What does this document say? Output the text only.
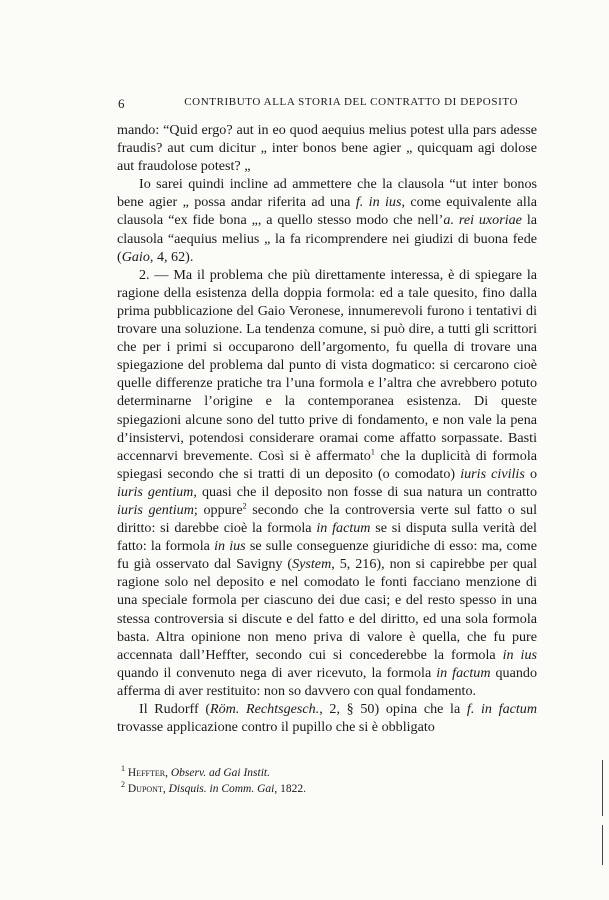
6	CONTRIBUTO ALLA STORIA DEL CONTRATTO DI DEPOSITO

mando: “Quid ergo? aut in eo quod aequius melius potest ulla pars adesse fraudis? aut cum dicitur „ inter bonos bene agier „ quicquam agi dolose aut fraudolose potest? „

Io sarei quindi incline ad ammettere che la clausola “ut inter bonos bene agier „ possa andar riferita ad una f. in ius, come equivalente alla clausola “ex fide bona „, a quello stesso modo che nell’a. rei uxoriae la clausola “aequius melius „ la fa ricomprendere nei giudizi di buona fede (Gaio, 4, 62).

2. — Ma il problema che più direttamente interessa, è di spiegare la ragione della esistenza della doppia formola: ed a tale quesito, fino dalla prima pubblicazione del Gaio Veronese, innumerevoli furono i tentativi di trovare una soluzione. La tendenza comune, si può dire, a tutti gli scrittori che per i primi si occuparono dell’argomento, fu quella di trovare una spiegazione del problema dal punto di vista dogmatico: si cercarono cioè quelle differenze pratiche tra l’una formola e l’altra che avrebbero potuto determinarne l’origine e la contemporanea esistenza. Di queste spiegazioni alcune sono del tutto prive di fondamento, e non vale la pena d’insistervi, potendosi considerare oramai come affatto sorpassate. Basti accennarvi brevemente. Così si è affermato$^1$ che la duplicità di formola spiegasi secondo che si tratti di un deposito (o comodato) iuris civilis o iuris gentium, quasi che il deposito non fosse di sua natura un contratto iuris gentium; oppure$^2$ secondo che la controversia verte sul fatto o sul diritto: si darebbe cioè la formola in factum se si disputa sulla verità del fatto: la formola in ius se sulle conseguenze giuridiche di esso: ma, come fu già osservato dal Savigny (System, 5, 216), non si capirebbe per qual ragione solo nel deposito e nel comodato le fonti facciano menzione di una speciale formola per ciascuno dei due casi; e del resto spesso in una stessa controversia si discute e del fatto e del diritto, ed una sola formola basta. Altra opinione non meno priva di valore è quella, che fu pure accennata dall’Heffter, secondo cui si concederebbe la formola in ius quando il convenuto nega di aver ricevuto, la formola in factum quando afferma di aver restituito: non so davvero con qual fondamento.

Il Rudorff (Röm. Rechtsgesch., 2, § 50) opina che la f. in factum trovasse applicazione contro il pupillo che si è obbligato

$^1$ Heffter, Observ. ad Gai Instit.

$^2$ Dupont, Disquis. in Comm. Gai, 1822.
